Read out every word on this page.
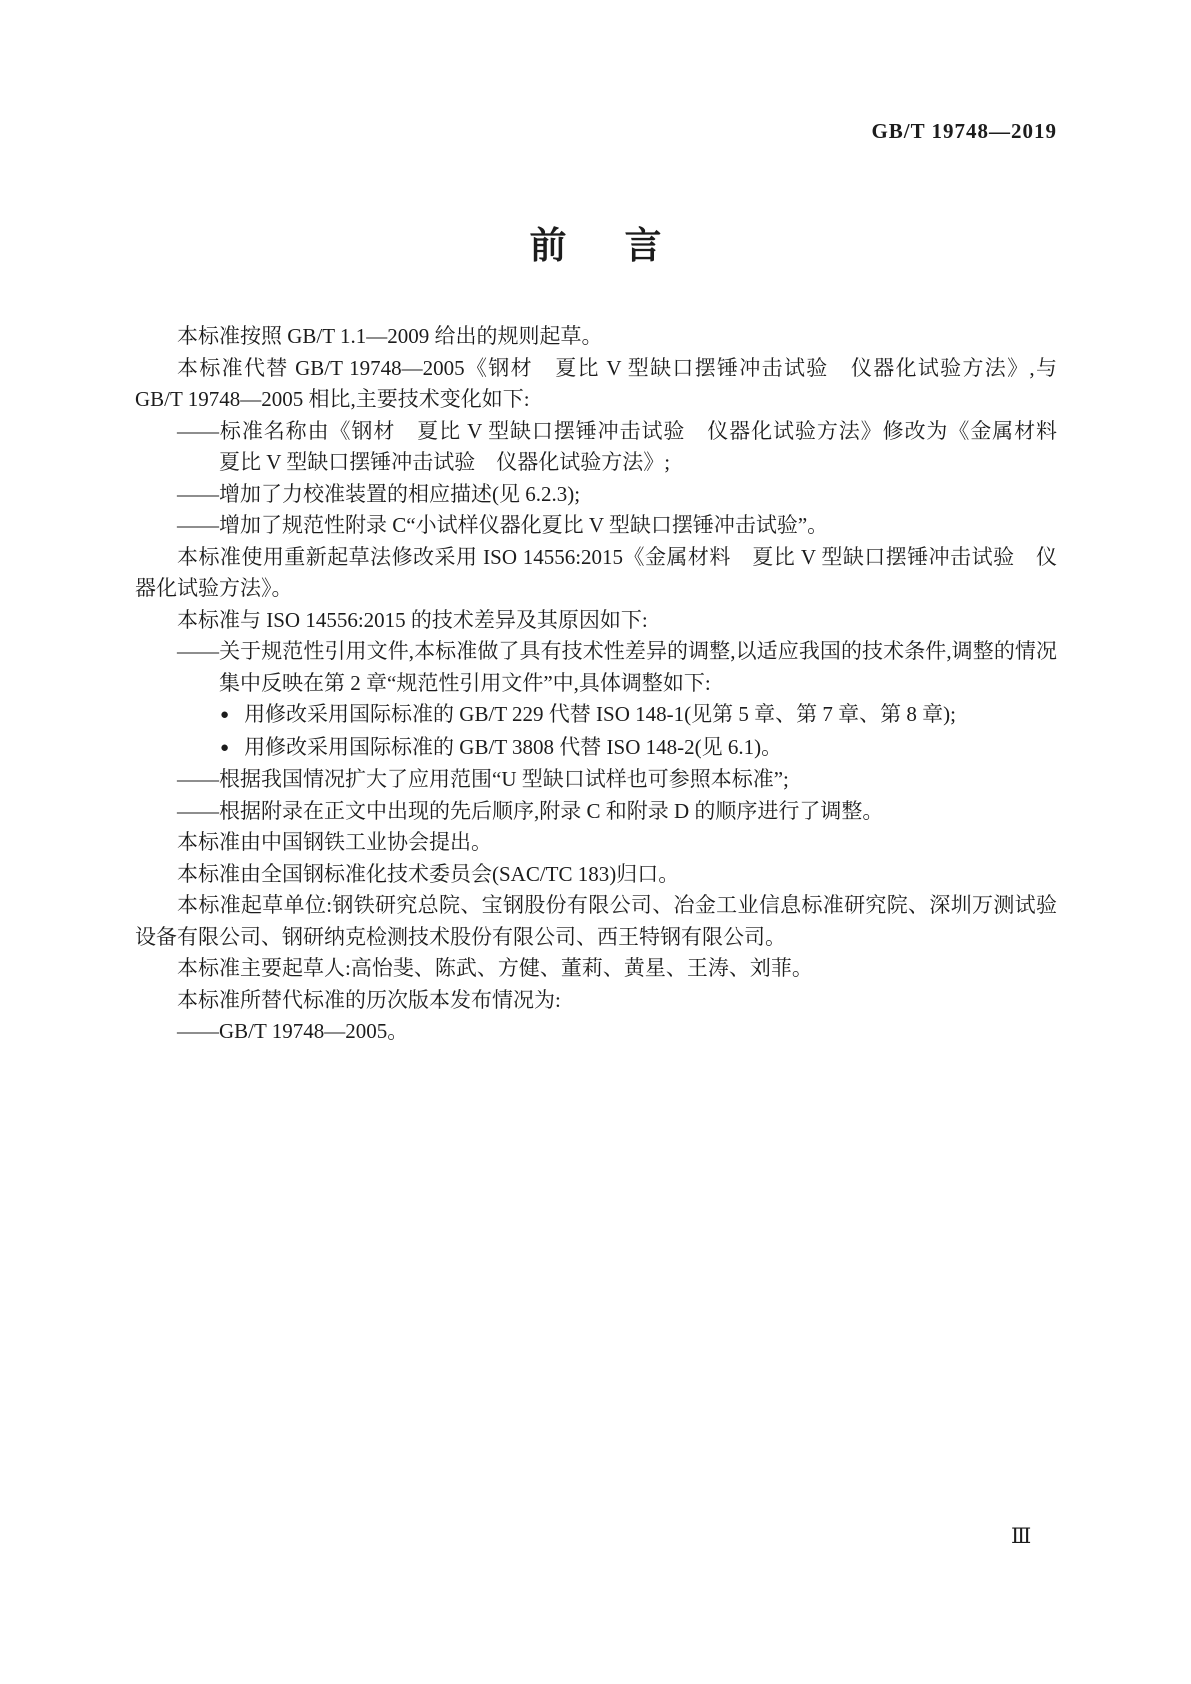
GB/T 19748—2019
前 言

本标准按照 GB/T 1.1—2009 给出的规则起草。

本标准代替 GB/T 19748—2005《钢材　夏比 V 型缺口摆锤冲击试验　仪器化试验方法》,与 GB/T 19748—2005 相比,主要技术变化如下:

——标准名称由《钢材　夏比 V 型缺口摆锤冲击试验　仪器化试验方法》修改为《金属材料　夏比 V 型缺口摆锤冲击试验　仪器化试验方法》;

——增加了力校准装置的相应描述(见 6.2.3);

——增加了规范性附录 C“小试样仪器化夏比 V 型缺口摆锤冲击试验”。

本标准使用重新起草法修改采用 ISO 14556:2015《金属材料　夏比 V 型缺口摆锤冲击试验　仪器化试验方法》。

本标准与 ISO 14556:2015 的技术差异及其原因如下:

——关于规范性引用文件,本标准做了具有技术性差异的调整,以适应我国的技术条件,调整的情况集中反映在第 2 章“规范性引用文件”中,具体调整如下:

● 用修改采用国际标准的 GB/T 229 代替 ISO 148-1(见第 5 章、第 7 章、第 8 章);

● 用修改采用国际标准的 GB/T 3808 代替 ISO 148-2(见 6.1)。

——根据我国情况扩大了应用范围“U 型缺口试样也可参照本标准”;

——根据附录在正文中出现的先后顺序,附录 C 和附录 D 的顺序进行了调整。

本标准由中国钢铁工业协会提出。

本标准由全国钢标准化技术委员会(SAC/TC 183)归口。

本标准起草单位:钢铁研究总院、宝钢股份有限公司、冶金工业信息标准研究院、深圳万测试验设备有限公司、钢研纳克检测技术股份有限公司、西王特钢有限公司。

本标准主要起草人:高怡斐、陈武、方健、董莉、黄星、王涛、刘菲。

本标准所替代标准的历次版本发布情况为:

——GB/T 19748—2005。

Ⅲ
